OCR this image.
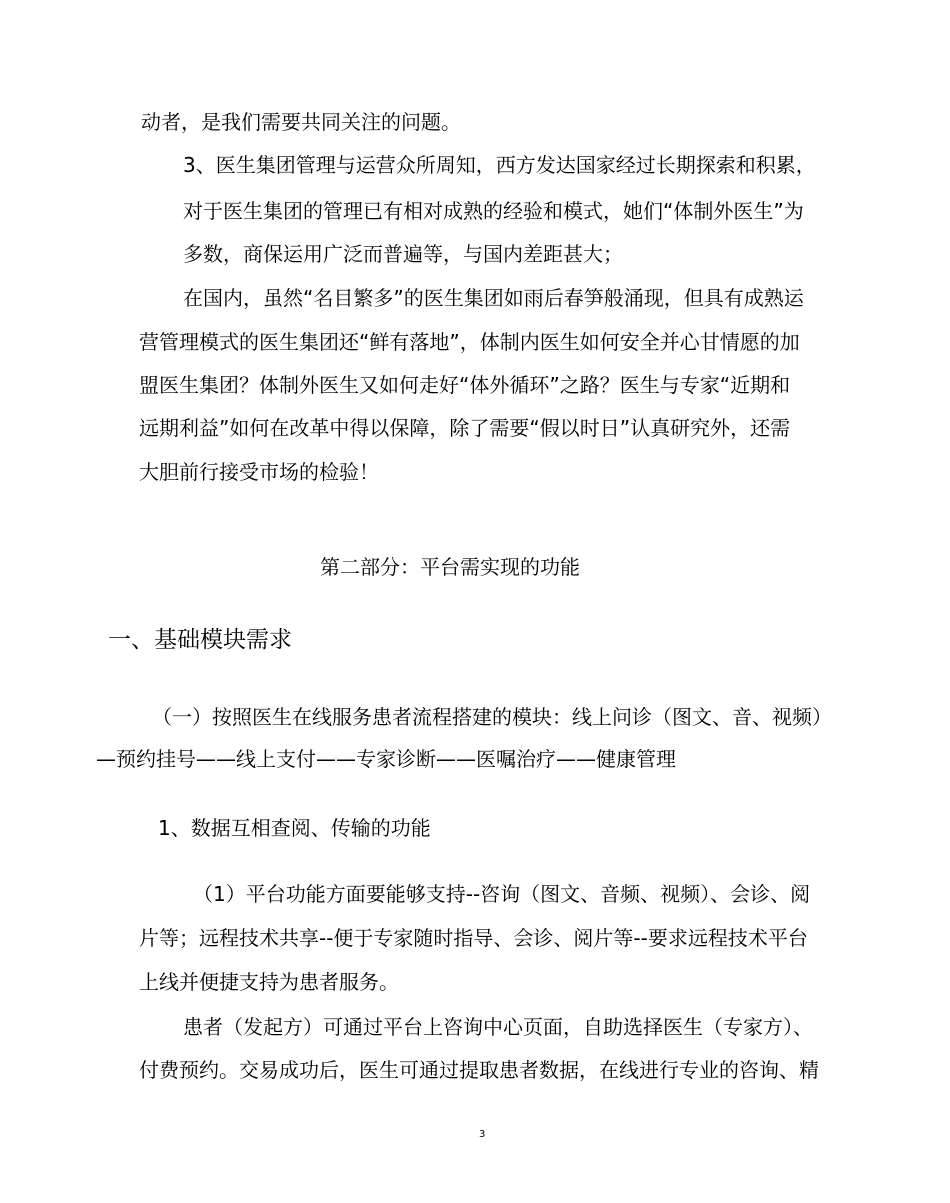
动者，是我们需要共同关注的问题。
3、医生集团管理与运营众所周知，西方发达国家经过长期探索和积累，
对于医生集团的管理已有相对成熟的经验和模式，她们“体制外医生”为
多数，商保运用广泛而普遍等，与国内差距甚大；
在国内，虽然“名目繁多”的医生集团如雨后春笋般涌现，但具有成熟运
营管理模式的医生集团还“鲜有落地”，体制内医生如何安全并心甘情愿的加
盟医生集团？体制外医生又如何走好“体外循环”之路？医生与专家“近期和
远期利益”如何在改革中得以保障，除了需要“假以时日”认真研究外，还需
大胆前行接受市场的检验！
第二部分：平台需实现的功能
一、基础模块需求
（一）按照医生在线服务患者流程搭建的模块：线上问诊（图文、音、视频）
—预约挂号——线上支付——专家诊断——医嘱治疗——健康管理
1、数据互相查阅、传输的功能
（1）平台功能方面要能够支持--咨询（图文、音频、视频）、会诊、阅
片等；远程技术共享--便于专家随时指导、会诊、阅片等--要求远程技术平台
上线并便捷支持为患者服务。
患者（发起方）可通过平台上咨询中心页面，自助选择医生（专家方）、
付费预约。交易成功后，医生可通过提取患者数据，在线进行专业的咨询、精
3
